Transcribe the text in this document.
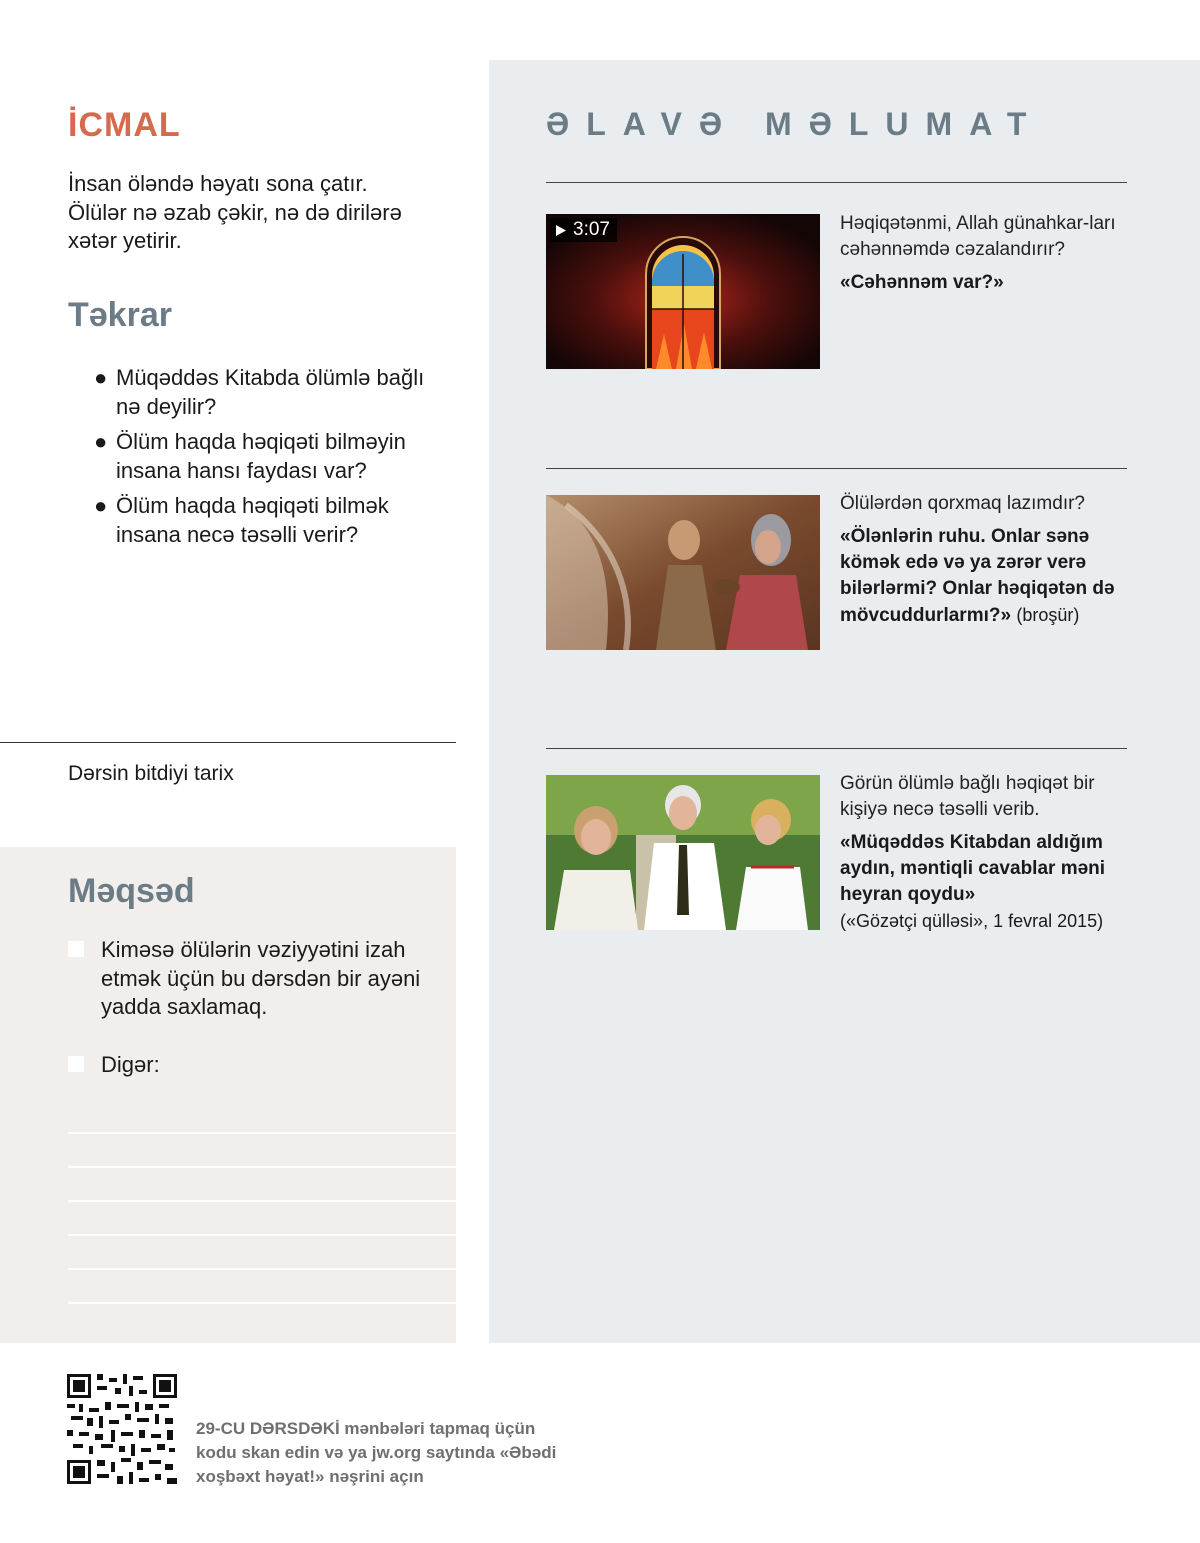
İCMAL

İnsan öləndə həyatı sona çatır. Ölülər nə əzab çəkir, nə də dirilərə xətər yetirir.

Təkrar
● Müqəddəs Kitabda ölümlə bağlı nə deyilir?
● Ölüm haqda həqiqəti bilməyin insana hansı faydası var?
● Ölüm haqda həqiqəti bilmək insana necə təsəlli verir?
Dərsin bitdiyi tarix
Məqsəd
Kiməsə ölülərin vəziyyətini izah etmək üçün bu dərsdən bir ayəni yadda saxlamaq.
Digər:
ƏLAVƏ MƏLUMAT
3:07	Həqiqətənmi, Allah günahkar-ları cəhənnəmdə cəzalandırır?
«Cəhənnəm var?»
Ölülərdən qorxmaq lazımdır?
«Ölənlərin ruhu. Onlar sənə kömək edə və ya zərər verə bilərlərmi? Onlar həqiqətən də mövcuddurlarmı?» (broşür)
Görün ölümlə bağlı həqiqət bir kişiyə necə təsəlli verib.
«Müqəddəs Kitabdan aldığım aydın, məntiqli cavablar məni heyran qoydu»
(«Gözətçi qülləsi», 1 fevral 2015)
29-CU DƏRSDƏKİ mənbələri tapmaq üçün kodu skan edin və ya jw.org saytında «Əbədi xoşbəxt həyat!» nəşrini açın
